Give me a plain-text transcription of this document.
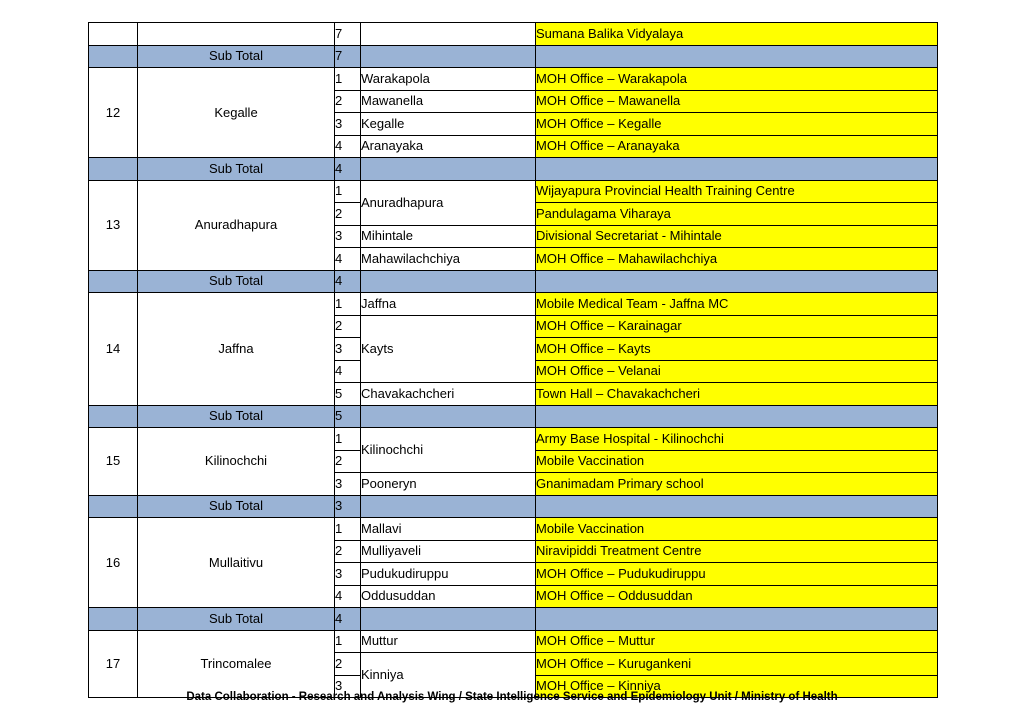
		7		Sumana Balika Vidyalaya
	Sub Total	7		
12	Kegalle	1	Warakapola	MOH Office – Warakapola
		2	Mawanella	MOH Office – Mawanella
		3	Kegalle	MOH Office – Kegalle
		4	Aranayaka	MOH Office – Aranayaka
	Sub Total	4		
13	Anuradhapura	1	Anuradhapura	Wijayapura Provincial Health Training Centre
		2		Pandulagama Viharaya
		3	Mihintale	Divisional Secretariat - Mihintale
		4	Mahawilachchiya	MOH Office – Mahawilachchiya
	Sub Total	4		
14	Jaffna	1	Jaffna	Mobile Medical Team - Jaffna MC
		2	Kayts	MOH Office – Karainagar
		3		MOH Office – Kayts
		4		MOH Office – Velanai
		5	Chavakachcheri	Town Hall – Chavakachcheri
	Sub Total	5		
15	Kilinochchi	1	Kilinochchi	Army Base Hospital - Kilinochchi
		2		Mobile Vaccination
		3	Pooneryn	Gnanimadam Primary school
	Sub Total	3		
16	Mullaitivu	1	Mallavi	Mobile Vaccination
		2	Mulliyaveli	Niravipiddi Treatment Centre
		3	Pudukudiruppu	MOH Office – Pudukudiruppu
		4	Oddusuddan	MOH Office – Oddusuddan
	Sub Total	4		
17	Trincomalee	1	Muttur	MOH Office – Muttur
		2	Kinniya	MOH Office – Kurugankeni
		3		MOH Office – Kinniya
Data Collaboration - Research and Analysis Wing / State Intelligence Service and Epidemiology Unit / Ministry of Health
